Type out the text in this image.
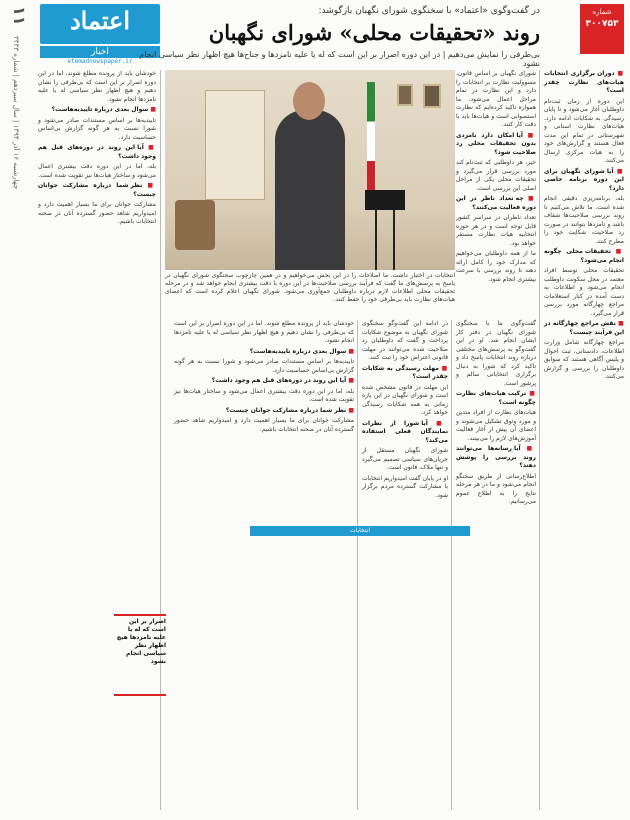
۱۱
چهارشنبه ۱۶ آذر ۱۳۹۴ | سال سیزدهم | شماره ۳۴۳۳
اعتماد
اخبار
etemadnewspaper.ir
شماره
۳۰۰۷۵۳
در گفت‌وگوی «اعتماد» با سخنگوی شورای نگهبان بازگوشد:
روند «تحقیقات محلی» شورای نگهبان
بی‌طرفی را نمایش می‌دهیم | در این دوره اصرار بر این است که له یا علیه نامزدها و جناح‌ها هیچ اظهار نظر سیاسی انجام نشود

■ دوران برگزاری انتخابات هیات‌های نظارت چقدر است؟

این دوره از زمان ثبت‌نام داوطلبان آغاز می‌شود و تا پایان رسیدگی به شکایات ادامه دارد. هیات‌های نظارت استانی و شهرستانی در تمام این مدت فعال هستند و گزارش‌های خود را به هیات مرکزی ارسال می‌کنند.

■ آیا شورای نگهبان برای این دوره برنامه خاصی دارد؟

بله، برنامه‌ریزی دقیقی انجام شده است. ما تلاش می‌کنیم تا روند بررسی صلاحیت‌ها شفاف باشد و نامزدها بتوانند در صورت رد صلاحیت، شکایت خود را مطرح کنند.

■ تحقیقات محلی چگونه انجام می‌شود؟

تحقیقات محلی توسط افراد معتمد در محل سکونت داوطلب انجام می‌شود و اطلاعات به دست آمده در کنار استعلامات مراجع چهارگانه مورد بررسی قرار می‌گیرد.

■ نقش مراجع چهارگانه در این فرآیند چیست؟

مراجع چهارگانه شامل وزارت اطلاعات، دادستانی، ثبت احوال و پلیس آگاهی هستند که سوابق داوطلبان را بررسی و گزارش می‌کنند.

شورای نگهبان بر اساس قانون، مسوولیت نظارت بر انتخابات را دارد و این نظارت در تمام مراحل اعمال می‌شود. ما همواره تاکید کرده‌ایم که نظارت استصوابی است و هیات‌ها باید با دقت کار کنند.

■ آیا امکان دارد نامزدی بدون تحقیقات محلی رد صلاحیت شود؟

خیر، هر داوطلبی که ثبت‌نام کند مورد بررسی قرار می‌گیرد و تحقیقات محلی یکی از مراحل اصلی این بررسی است.

■ چه تعداد ناظر در این دوره فعالیت می‌کنند؟

تعداد ناظران در سراسر کشور قابل توجه است و در هر حوزه انتخابیه هیات نظارت مستقر خواهد بود.

ما از همه داوطلبان می‌خواهیم که مدارک خود را کامل ارائه دهند تا روند بررسی با سرعت بیشتری انجام شود.

انتخابات در اختیار داشت. ما اصلاحات را در این بخش می‌خواهیم و در همین چارچوب سخنگوی شورای نگهبان در پاسخ به پرسش‌های ما گفت که فرآیند بررسی صلاحیت‌ها در این دوره با دقت بیشتری انجام خواهد شد و در مرحله تحقیقات محلی اطلاعات لازم درباره داوطلبان جمع‌آوری می‌شود. شورای نگهبان اعلام کرده است که اعضای هیات‌های نظارت باید بی‌طرفی خود را حفظ کنند.

گفت‌وگوی ما با سخنگوی شورای نگهبان در دفتر کار ایشان انجام شد. او در این گفت‌وگو به پرسش‌های مختلفی درباره روند انتخابات پاسخ داد و تاکید کرد که شورا به دنبال برگزاری انتخاباتی سالم و پرشور است.

■ ترکیب هیات‌های نظارت چگونه است؟

هیات‌های نظارت از افراد متدین و مورد وثوق تشکیل می‌شوند و اعضای آن پیش از آغاز فعالیت آموزش‌های لازم را می‌بینند.

■ آیا رسانه‌ها می‌توانند روند بررسی را پوشش دهند؟

اطلاع‌رسانی از طریق سخنگو انجام می‌شود و ما در هر مرحله نتایج را به اطلاع عموم می‌رسانیم.

در ادامه این گفت‌وگو سخنگوی شورای نگهبان به موضوع شکایات پرداخت و گفت که داوطلبان رد صلاحیت شده می‌توانند در مهلت قانونی اعتراض خود را ثبت کنند.

■ مهلت رسیدگی به شکایات چقدر است؟

این مهلت در قانون مشخص شده است و شورای نگهبان در این بازه زمانی به همه شکایات رسیدگی خواهد کرد.

■ آیا شورا از نظرات نمایندگان فعلی استفاده می‌کند؟

شورای نگهبان مستقل از جریان‌های سیاسی تصمیم می‌گیرد و تنها ملاک، قانون است.

او در پایان گفت امیدواریم انتخابات با مشارکت گسترده مردم برگزار شود.

انتخابات

خودشان باید از پرونده مطلع شوند. اما در این دوره اصرار بر این است که بی‌طرفی را نشان دهیم و هیچ اظهار نظر سیاسی له یا علیه نامزدها انجام نشود.

■ سوال بعدی درباره تاییدیه‌هاست؟

تاییدیه‌ها بر اساس مستندات صادر می‌شود و شورا نسبت به هر گونه گزارش بی‌اساس حساسیت دارد.

■ آیا این روند در دوره‌های قبل هم وجود داشت؟

بله، اما در این دوره دقت بیشتری اعمال می‌شود و ساختار هیات‌ها نیز تقویت شده است.

■ نظر شما درباره مشارکت جوانان چیست؟

مشارکت جوانان برای ما بسیار اهمیت دارد و امیدواریم شاهد حضور گسترده آنان در صحنه انتخابات باشیم.

خودشان باید از پرونده مطلع شوند. اما در این دوره اصرار بر این است که بی‌طرفی را نشان دهیم و هیچ اظهار نظر سیاسی له یا علیه نامزدها انجام نشود.

■ سوال بعدی درباره تاییدیه‌هاست؟

تاییدیه‌ها بر اساس مستندات صادر می‌شود و شورا نسبت به هر گونه گزارش بی‌اساس حساسیت دارد.

■ آیا این روند در دوره‌های قبل هم وجود داشت؟

بله، اما در این دوره دقت بیشتری اعمال می‌شود و ساختار هیات‌ها نیز تقویت شده است.

■ نظر شما درباره مشارکت جوانان چیست؟

مشارکت جوانان برای ما بسیار اهمیت دارد و امیدواریم شاهد حضور گسترده آنان در صحنه انتخابات باشیم.

اصرار بر این است که له یا علیه نامزدها هیچ اظهار نظر سیاسی انجام نشود
